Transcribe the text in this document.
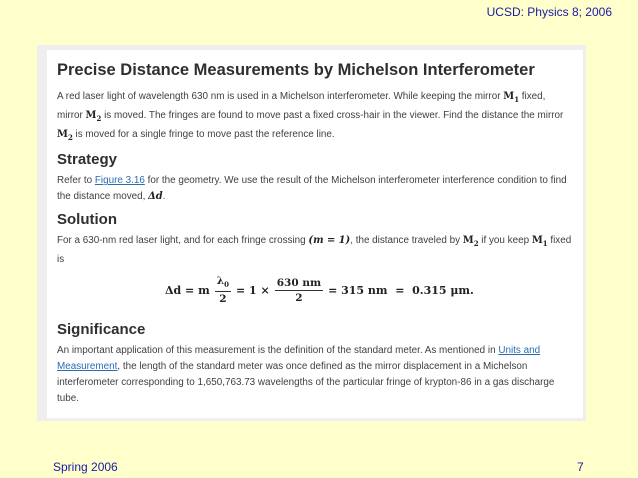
UCSD: Physics 8; 2006
Precise Distance Measurements by Michelson Interferometer

A red laser light of wavelength 630 nm is used in a Michelson interferometer. While keeping the mirror $M_1$ fixed, mirror $M_2$ is moved. The fringes are found to move past a fixed cross-hair in the viewer. Find the distance the mirror $M_2$ is moved for a single fringe to move past the reference line.

Strategy

Refer to Figure 3.16 for the geometry. We use the result of the Michelson interferometer interference condition to find the distance moved, Δd.

Solution

For a 630-nm red laser light, and for each fringe crossing (m = 1), the distance traveled by $M_2$ if you keep $M_1$ fixed is

Δd = m $\frac{\lambda_0}{2} = 1 \times \frac{630 nm}{2} = 315$ nm  =  0.315 μm.
Significance

An important application of this measurement is the definition of the standard meter. As mentioned in Units and Measurement, the length of the standard meter was once defined as the mirror displacement in a Michelson interferometer corresponding to 1,650,763.73 wavelengths of the particular fringe of krypton-86 in a gas discharge tube.

Spring 2006	7
